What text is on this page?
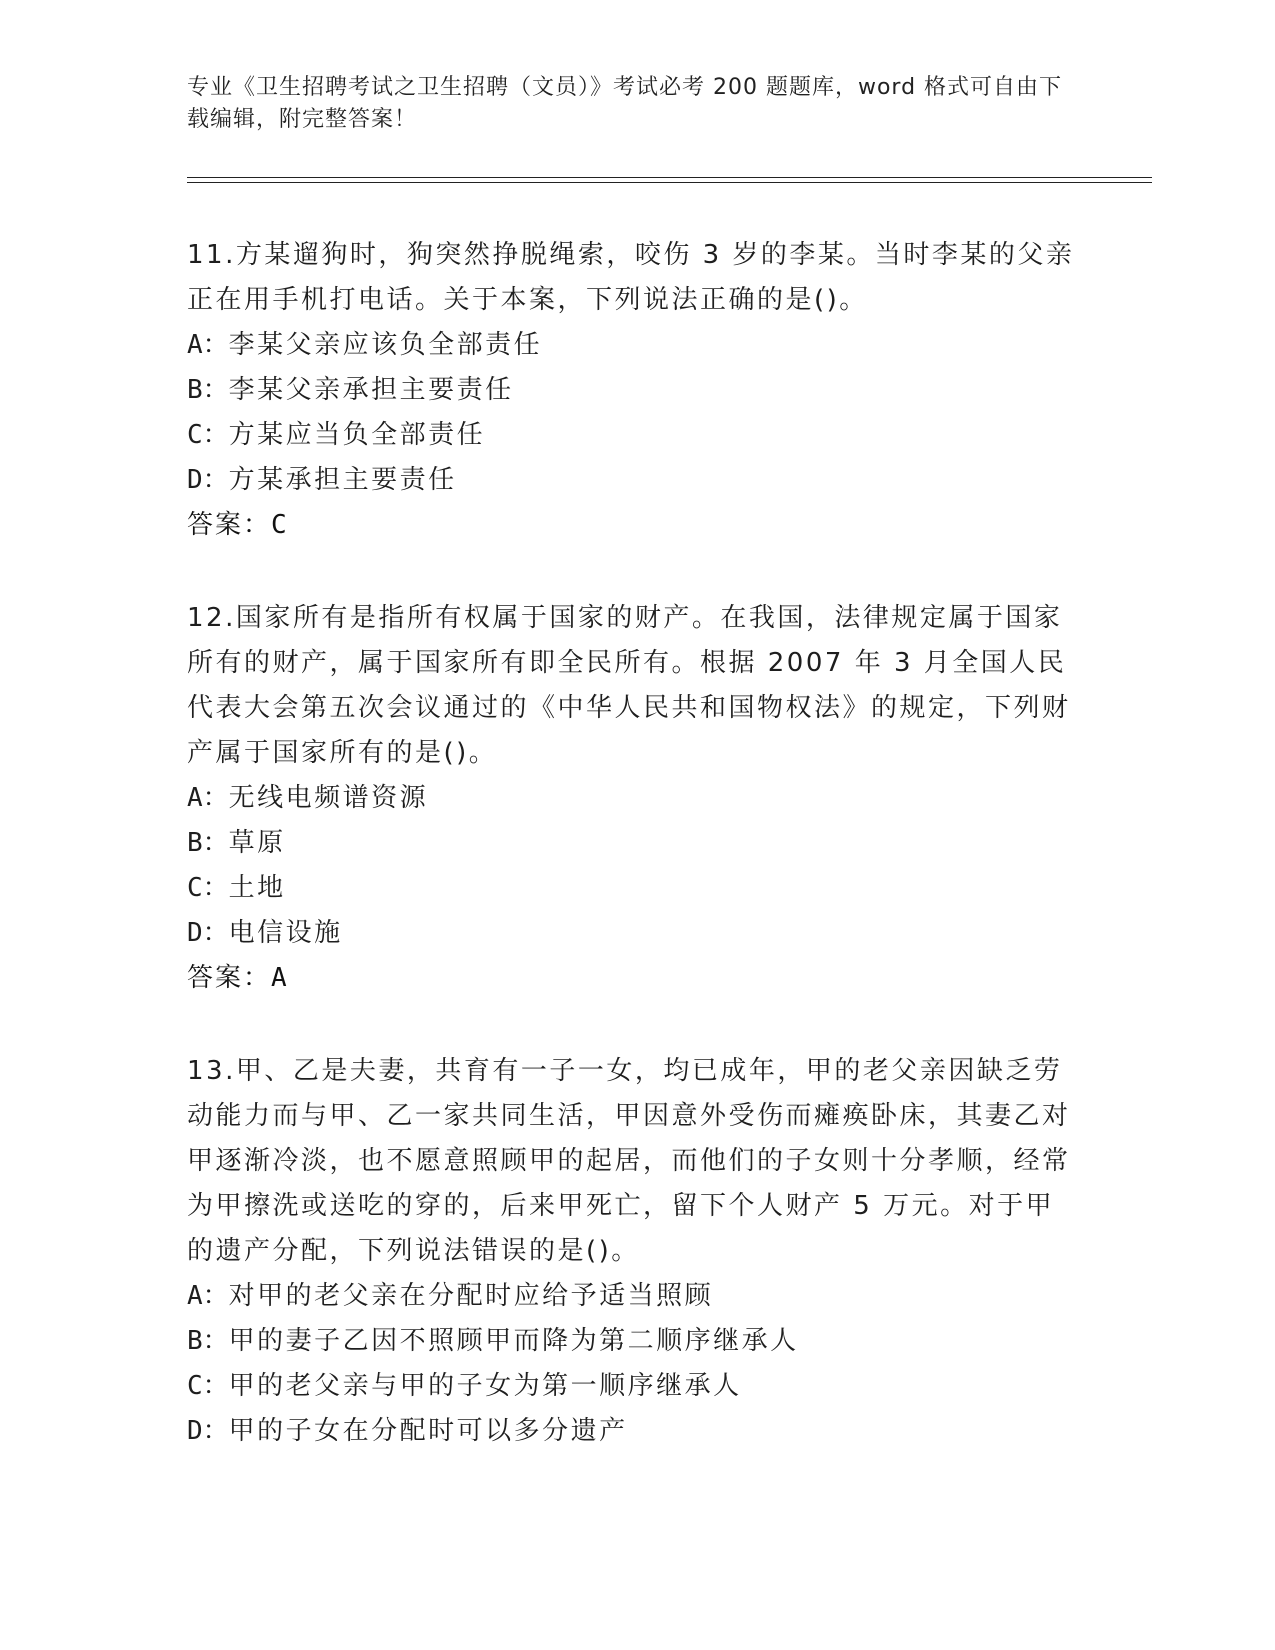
专业《卫生招聘考试之卫生招聘（文员）》考试必考 200 题题库，word 格式可自由下载编辑，附完整答案！

11.方某遛狗时，狗突然挣脱绳索，咬伤 3 岁的李某。当时李某的父亲正在用手机打电话。关于本案，下列说法正确的是()。

A：李某父亲应该负全部责任

B：李某父亲承担主要责任

C：方某应当负全部责任

D：方某承担主要责任

答案：C

12.国家所有是指所有权属于国家的财产。在我国，法律规定属于国家所有的财产，属于国家所有即全民所有。根据 2007 年 3 月全国人民代表大会第五次会议通过的《中华人民共和国物权法》的规定，下列财产属于国家所有的是()。

A：无线电频谱资源

B：草原

C：土地

D：电信设施

答案：A

13.甲、乙是夫妻，共育有一子一女，均已成年，甲的老父亲因缺乏劳动能力而与甲、乙一家共同生活，甲因意外受伤而瘫痪卧床，其妻乙对甲逐渐冷淡，也不愿意照顾甲的起居，而他们的子女则十分孝顺，经常为甲擦洗或送吃的穿的，后来甲死亡，留下个人财产 5 万元。对于甲的遗产分配，下列说法错误的是()。

A：对甲的老父亲在分配时应给予适当照顾

B：甲的妻子乙因不照顾甲而降为第二顺序继承人

C：甲的老父亲与甲的子女为第一顺序继承人

D：甲的子女在分配时可以多分遗产
